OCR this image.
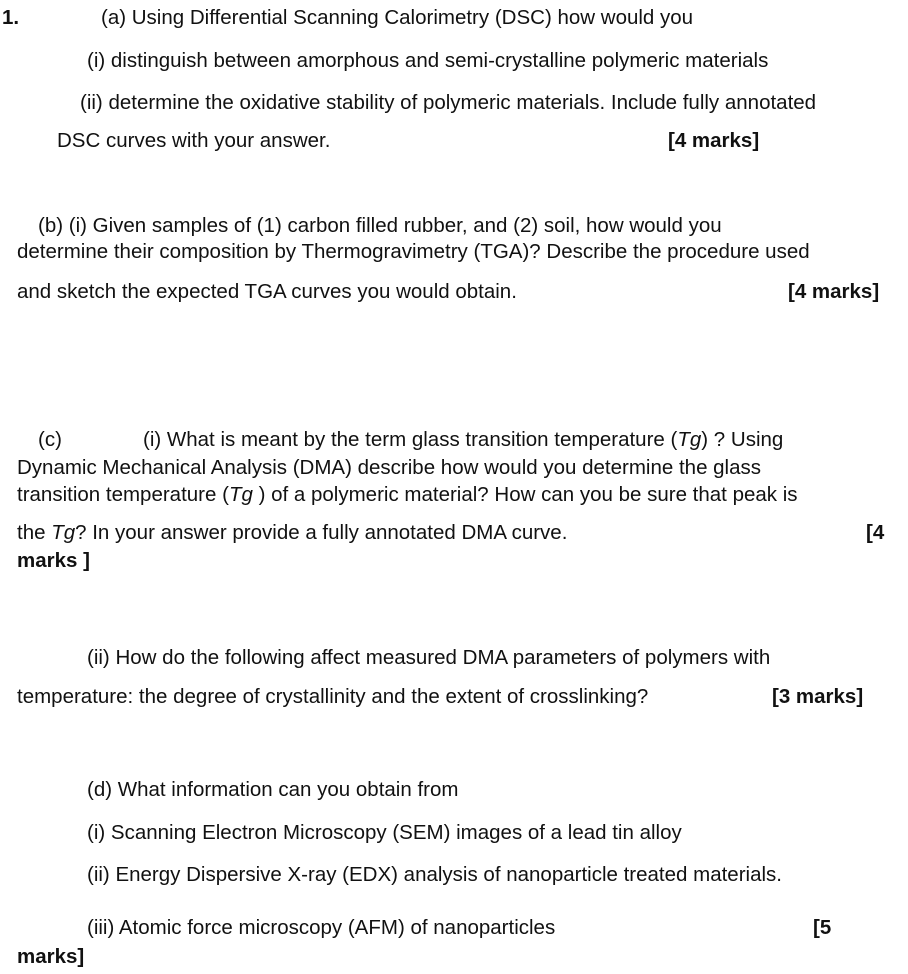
1.	(a) Using Differential Scanning Calorimetry (DSC) how would you
(i) distinguish between amorphous and semi-crystalline polymeric materials
(ii) determine the oxidative stability of polymeric materials. Include fully annotated
DSC curves with your answer.	[4 marks]
(b) (i) Given samples of (1) carbon filled rubber, and (2) soil, how would you
determine their composition by Thermogravimetry (TGA)? Describe the procedure used
and sketch the expected TGA curves you would obtain.	[4 marks]
(c)	(i) What is meant by the term glass transition temperature (Tg) ? Using
Dynamic Mechanical Analysis (DMA) describe how would you determine the glass
transition temperature (Tg ) of a polymeric material? How can you be sure that peak is
the Tg? In your answer provide a fully annotated DMA curve.	[4
marks ]
(ii) How do the following affect measured DMA parameters of polymers with
temperature: the degree of crystallinity and the extent of crosslinking?	[3 marks]
(d) What information can you obtain from
(i) Scanning Electron Microscopy (SEM) images of a lead tin alloy
(ii) Energy Dispersive X-ray (EDX) analysis of nanoparticle treated materials.
(iii) Atomic force microscopy (AFM) of nanoparticles	[5
marks]
